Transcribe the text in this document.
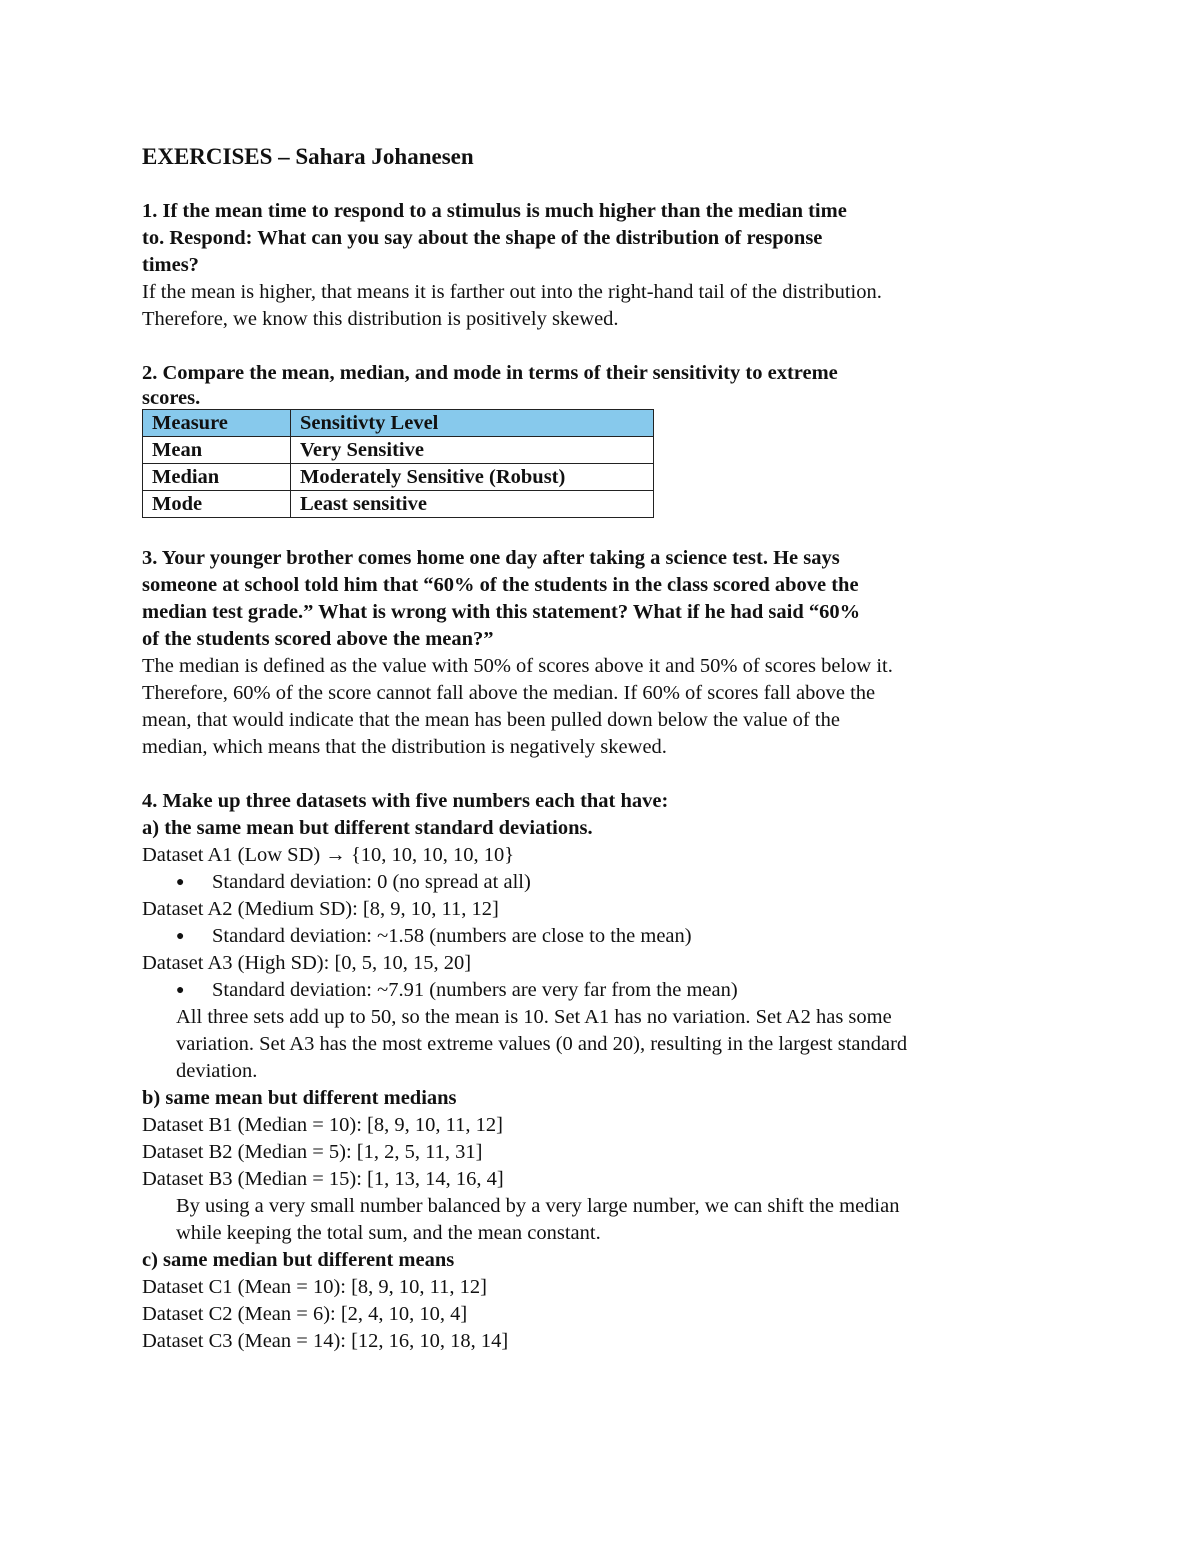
EXERCISES – Sahara Johanesen
1. If the mean time to respond to a stimulus is much higher than the median time
to. Respond: What can you say about the shape of the distribution of response
times?
If the mean is higher, that means it is farther out into the right-hand tail of the distribution.
Therefore, we know this distribution is positively skewed.
2. Compare the mean, median, and mode in terms of their sensitivity to extreme
scores.
Measure	Sensitivty Level
Mean	Very Sensitive
Median	Moderately Sensitive (Robust)
Mode	Least sensitive
3. Your younger brother comes home one day after taking a science test. He says
someone at school told him that “60% of the students in the class scored above the
median test grade.” What is wrong with this statement? What if he had said “60%
of the students scored above the mean?”
The median is defined as the value with 50% of scores above it and 50% of scores below it.
Therefore, 60% of the score cannot fall above the median. If 60% of scores fall above the
mean, that would indicate that the mean has been pulled down below the value of the
median, which means that the distribution is negatively skewed.
4. Make up three datasets with five numbers each that have:
a) the same mean but different standard deviations.
Dataset A1 (Low SD) → {10, 10, 10, 10, 10}
● Standard deviation: 0 (no spread at all)
Dataset A2 (Medium SD): [8, 9, 10, 11, 12]
● Standard deviation: ~1.58 (numbers are close to the mean)
Dataset A3 (High SD): [0, 5, 10, 15, 20]
● Standard deviation: ~7.91 (numbers are very far from the mean)
All three sets add up to 50, so the mean is 10. Set A1 has no variation. Set A2 has some
variation. Set A3 has the most extreme values (0 and 20), resulting in the largest standard
deviation.
b) same mean but different medians
Dataset B1 (Median = 10): [8, 9, 10, 11, 12]
Dataset B2 (Median = 5): [1, 2, 5, 11, 31]
Dataset B3 (Median = 15): [1, 13, 14, 16, 4]
By using a very small number balanced by a very large number, we can shift the median
while keeping the total sum, and the mean constant.
c) same median but different means
Dataset C1 (Mean = 10): [8, 9, 10, 11, 12]
Dataset C2 (Mean = 6): [2, 4, 10, 10, 4]
Dataset C3 (Mean = 14): [12, 16, 10, 18, 14]
